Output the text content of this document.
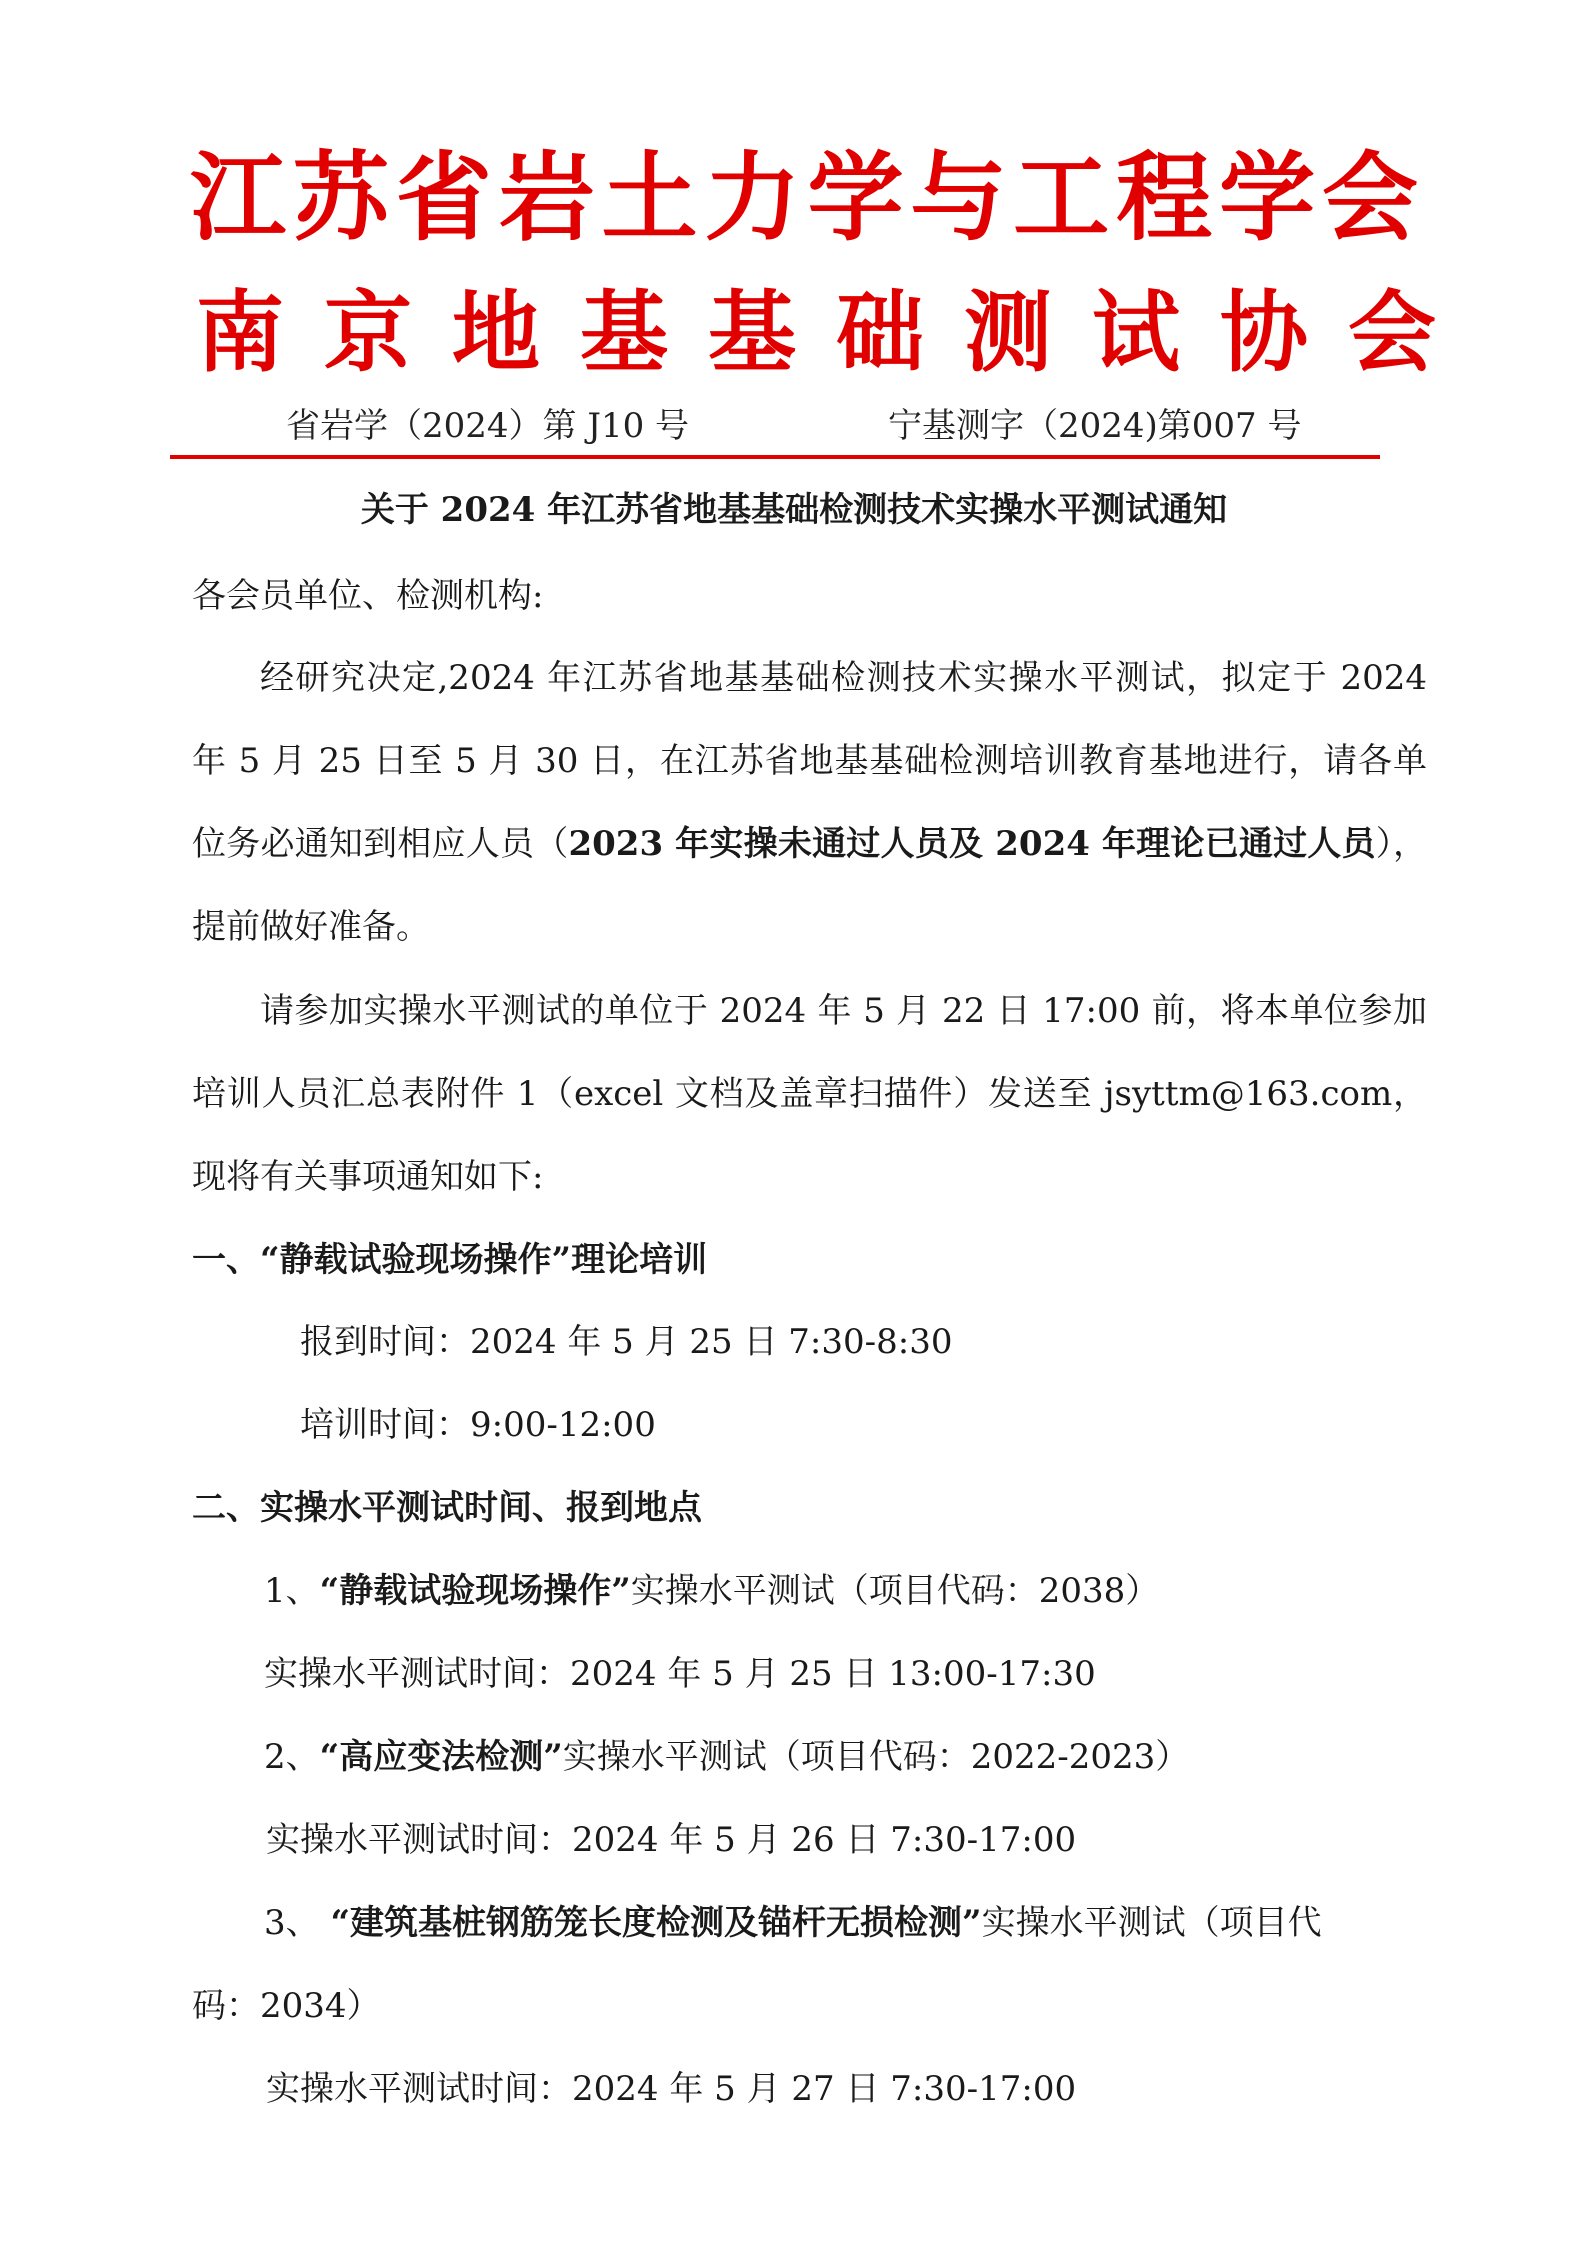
江苏省岩土力学与工程学会
南京地基基础测试协会
省岩学（2024）第 J10 号	宁基测字（2024)第007 号
关于 2024 年江苏省地基基础检测技术实操水平测试通知
各会员单位、检测机构:

经研究决定,2024 年江苏省地基基础检测技术实操水平测试，拟定于 2024 年 5 月 25 日至 5 月 30 日，在江苏省地基基础检测培训教育基地进行，请各单位务必通知到相应人员（2023 年实操未通过人员及 2024 年理论已通过人员），提前做好准备。

请参加实操水平测试的单位于 2024 年 5 月 22 日 17:00 前，将本单位参加培训人员汇总表附件 1（excel 文档及盖章扫描件）发送至 jsyttm@163.com，现将有关事项通知如下:

一、“静载试验现场操作”理论培训
报到时间：2024 年 5 月 25 日 7:30-8:30
培训时间：9:00-12:00
二、实操水平测试时间、报到地点
1、“静载试验现场操作”实操水平测试（项目代码：2038）
实操水平测试时间：2024 年 5 月 25 日 13:00-17:30
2、“高应变法检测”实操水平测试（项目代码：2022-2023）
实操水平测试时间：2024 年 5 月 26 日 7:30-17:00
3、 “建筑基桩钢筋笼长度检测及锚杆无损检测”实操水平测试（项目代
码：2034）
实操水平测试时间：2024 年 5 月 27 日 7:30-17:00
